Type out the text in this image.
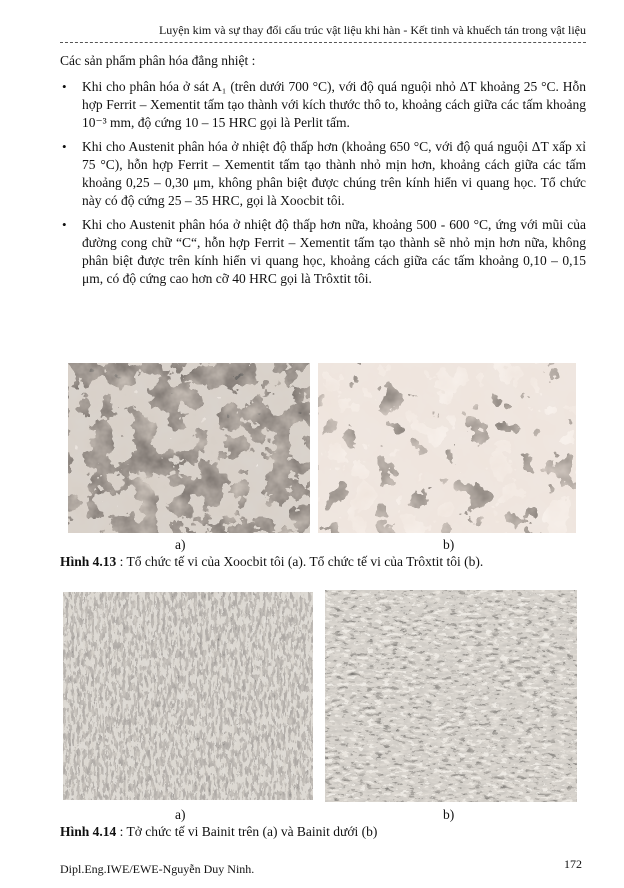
Luyện kim và sự thay đổi cấu trúc vật liệu khi hàn - Kết tinh và khuếch tán trong vật liệu
Các sản phẩm phân hóa đẳng nhiệt :
• Khi cho phân hóa ở sát A₁ (trên dưới 700 °C), với độ quá nguội nhỏ ΔT khoảng 25 °C. Hỗn hợp Ferrit – Xementit tấm tạo thành với kích thước thô to, khoảng cách giữa các tấm khoảng 10⁻³ mm, độ cứng 10 – 15 HRC gọi là Perlit tấm.
• Khi cho Austenit phân hóa ở nhiệt độ thấp hơn (khoảng 650 °C, với độ quá nguội ΔT xấp xỉ 75 °C), hỗn hợp Ferrit – Xementit tấm tạo thành nhỏ mịn hơn, khoảng cách giữa các tấm khoảng 0,25 – 0,30 μm, không phân biệt được chúng trên kính hiển vi quang học. Tổ chức này có độ cứng 25 – 35 HRC, gọi là Xoocbit tôi.
• Khi cho Austenit phân hóa ở nhiệt độ thấp hơn nữa, khoảng 500 - 600 °C, ứng với mũi của đường cong chữ “C“, hỗn hợp Ferrit – Xementit tấm tạo thành sẽ nhỏ mịn hơn nữa, không phân biệt được trên kính hiển vi quang học, khoảng cách giữa các tấm khoảng 0,10 – 0,15 μm, có độ cứng cao hơn cỡ 40 HRC gọi là Trôxtit tôi.
a)	b)
Hình 4.13 : Tổ chức tế vi của Xoocbit tôi (a). Tổ chức tế vi của Trôxtit tôi (b).
a)	b)
Hình 4.14 : Tở chức tế vi Bainit trên (a) và Bainit dưới (b)
Dipl.Eng.IWE/EWE-Nguyễn Duy Ninh.	172
